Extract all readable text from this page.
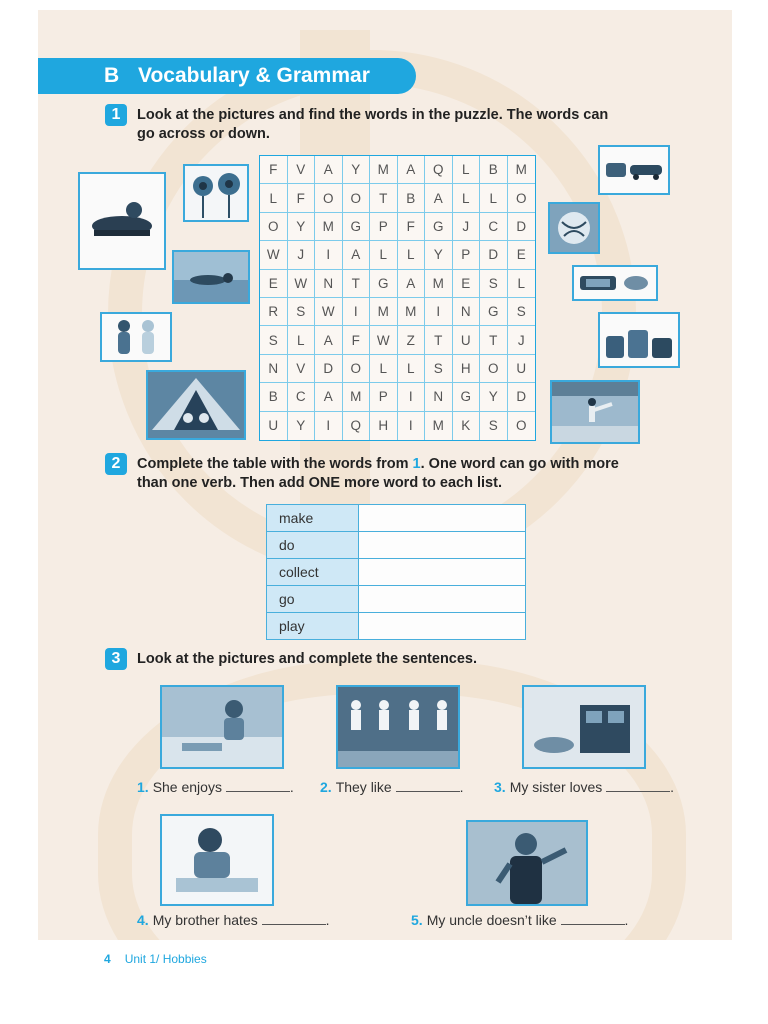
B Vocabulary & Grammar
1	Look at the pictures and find the words in the puzzle. The words can
go across or down.
F	V	A	Y	M	A	Q	L	B	M
L	F	O	O	T	B	A	L	L	O
O	Y	M	G	P	F	G	J	C	D
W	J	I	A	L	L	Y	P	D	E
E	W	N	T	G	A	M	E	S	L
R	S	W	I	M	M	I	N	G	S
S	L	A	F	W	Z	T	U	T	J
N	V	D	O	L	L	S	H	O	U
B	C	A	M	P	I	N	G	Y	D
U	Y	I	Q	H	I	M	K	S	O
2	Complete the table with the words from 1. One word can go with more
than one verb. Then add ONE more word to each list.
make	
do	
collect	
go	
play	
3	Look at the pictures and complete the sentences.
1. She enjoys	. 2. They like	. 3. My sister loves	.
4. My brother hates	.	5. My uncle doesn’t like	.
4 Unit 1/ Hobbies
